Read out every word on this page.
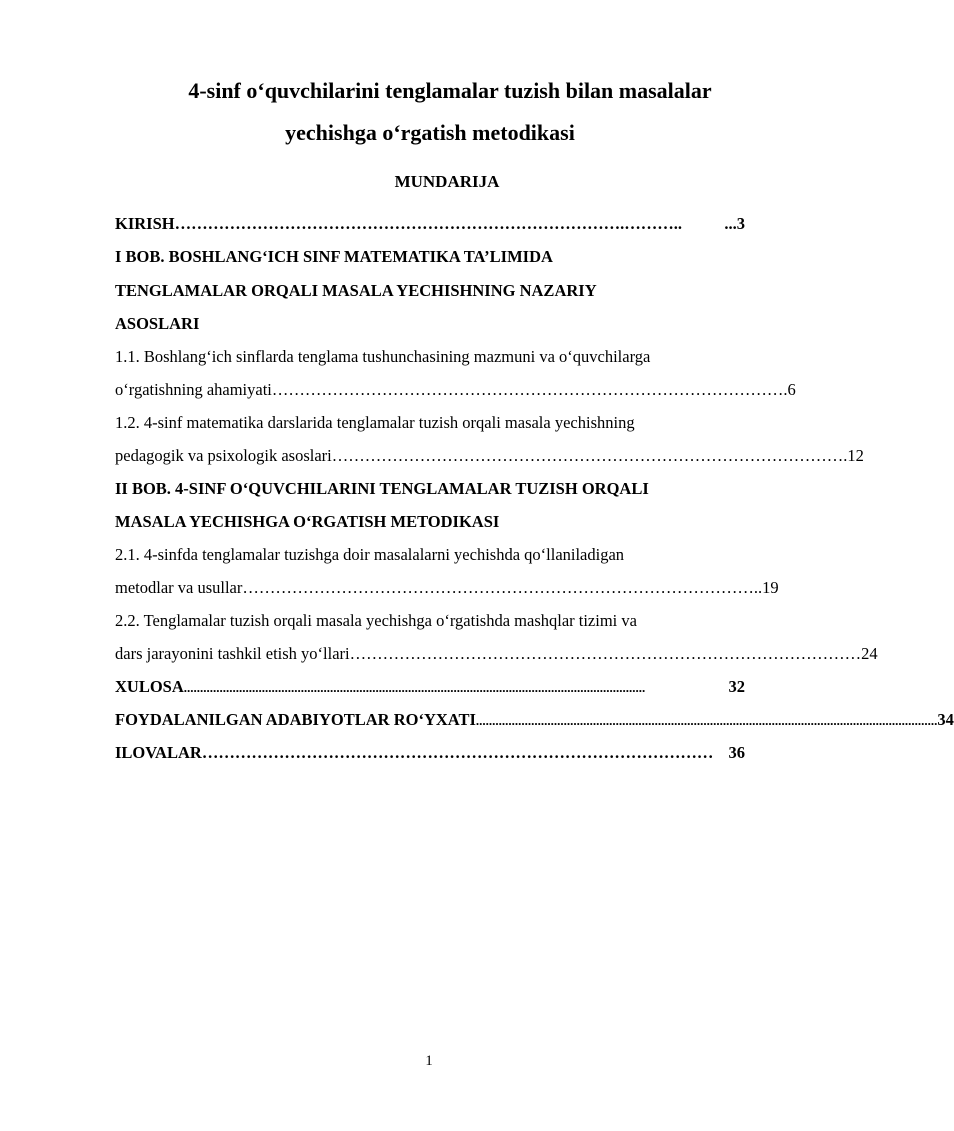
4-sinf o‘quvchilarini tenglamalar tuzish bilan masalalar
yechishga o‘rgatish metodikasi
MUNDARIJA
KIRISH ……………………………………………………………………….………..	...3
I BOB. BOSHLANG‘ICH SINF MATEMATIKA TA’LIMIDA
TENGLAMALAR ORQALI MASALA YECHISHNING NAZARIY
ASOSLARI
1.1. Boshlang‘ich sinflarda tenglama tushunchasining mazmuni va o‘quvchilarga
o‘rgatishning ahamiyati ………………………………………………………………………………… .6
1.2. 4-sinf matematika darslarida tenglamalar tuzish orqali masala yechishning
pedagogik va psixologik asoslari ………………………………………………………………………………… .12
II BOB. 4-SINF O‘QUVCHILARINI TENGLAMALAR TUZISH ORQALI
MASALA YECHISHGA O‘RGATISH METODIKASI
2.1. 4-sinfda tenglamalar tuzishga doir masalalarni yechishda qo‘llaniladigan
metodlar va usullar ………………………………………………………………………………… ..19
2.2. Tenglamalar tuzish orqali masala yechishga o‘rgatishda mashqlar tizimi va
dars jarayonini tashkil etish yo‘llari ………………………………………………………………………………… 24
XULOSA ..............................................................................................................................................	32
FOYDALANILGAN ADABIYOTLAR RO‘YXATI .............................................................................................................................................. 34
ILOVALAR ………………………………………………………………………………… 36
1
